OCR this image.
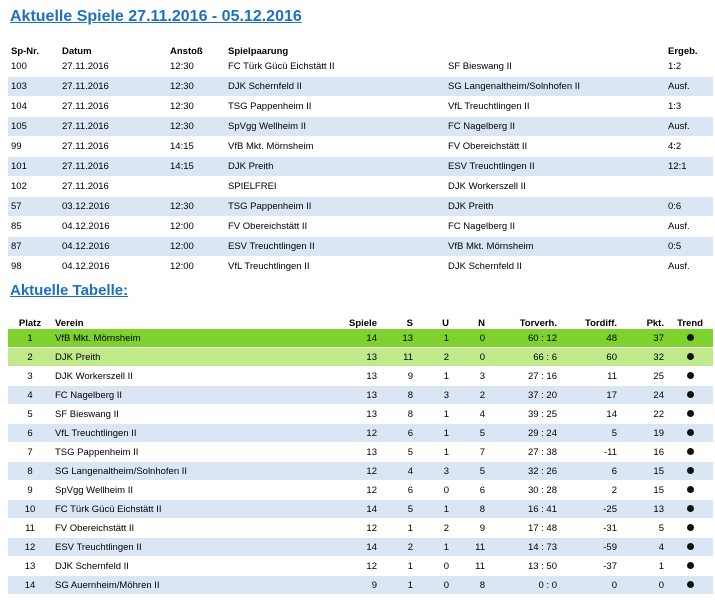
Aktuelle Spiele 27.11.2016 - 05.12.2016
Sp-Nr.	Datum	Anstoß	Spielpaarung		Ergeb.
100	27.11.2016	12:30	FC Türk Gücü Eichstätt II	SF Bieswang II	1:2
103	27.11.2016	12:30	DJK Schernfeld II	SG Langenaltheim/Solnhofen II	Ausf.
104	27.11.2016	12:30	TSG Pappenheim II	VfL Treuchtlingen II	1:3
105	27.11.2016	12:30	SpVgg Wellheim II	FC Nagelberg II	Ausf.
99	27.11.2016	14:15	VfB Mkt. Mörnsheim	FV Obereichstätt II	4:2
101	27.11.2016	14:15	DJK Preith	ESV Treuchtlingen II	12:1
102	27.11.2016		SPIELFREI	DJK Workerszell II	
57	03.12.2016	12:30	TSG Pappenheim II	DJK Preith	0:6
85	04.12.2016	12:00	FV Obereichstätt II	FC Nagelberg II	Ausf.
87	04.12.2016	12:00	ESV Treuchtlingen II	VfB Mkt. Mörnsheim	0:5
98	04.12.2016	12:00	VfL Treuchtlingen II	DJK Schernfeld II	Ausf.
Aktuelle Tabelle:
Platz	Verein	Spiele	S	U	N	Torverh.	Tordiff.	Pkt.	Trend
1	VfB Mkt. Mörnsheim	14	13	1	0	60 : 12	48	37	
2	DJK Preith	13	11	2	0	66 : 6	60	32	
3	DJK Workerszell II	13	9	1	3	27 : 16	11	25	
4	FC Nagelberg II	13	8	3	2	37 : 20	17	24	
5	SF Bieswang II	13	8	1	4	39 : 25	14	22	
6	VfL Treuchtlingen II	12	6	1	5	29 : 24	5	19	
7	TSG Pappenheim II	13	5	1	7	27 : 38	-11	16	
8	SG Langenaltheim/Solnhofen II	12	4	3	5	32 : 26	6	15	
9	SpVgg Wellheim II	12	6	0	6	30 : 28	2	15	
10	FC Türk Gücü Eichstätt II	14	5	1	8	16 : 41	-25	13	
11	FV Obereichstätt II	12	1	2	9	17 : 48	-31	5	
12	ESV Treuchtlingen II	14	2	1	11	14 : 73	-59	4	
13	DJK Schernfeld II	12	1	0	11	13 : 50	-37	1	
14	SG Auernheim/Möhren II	9	1	0	8	0 : 0	0	0	
